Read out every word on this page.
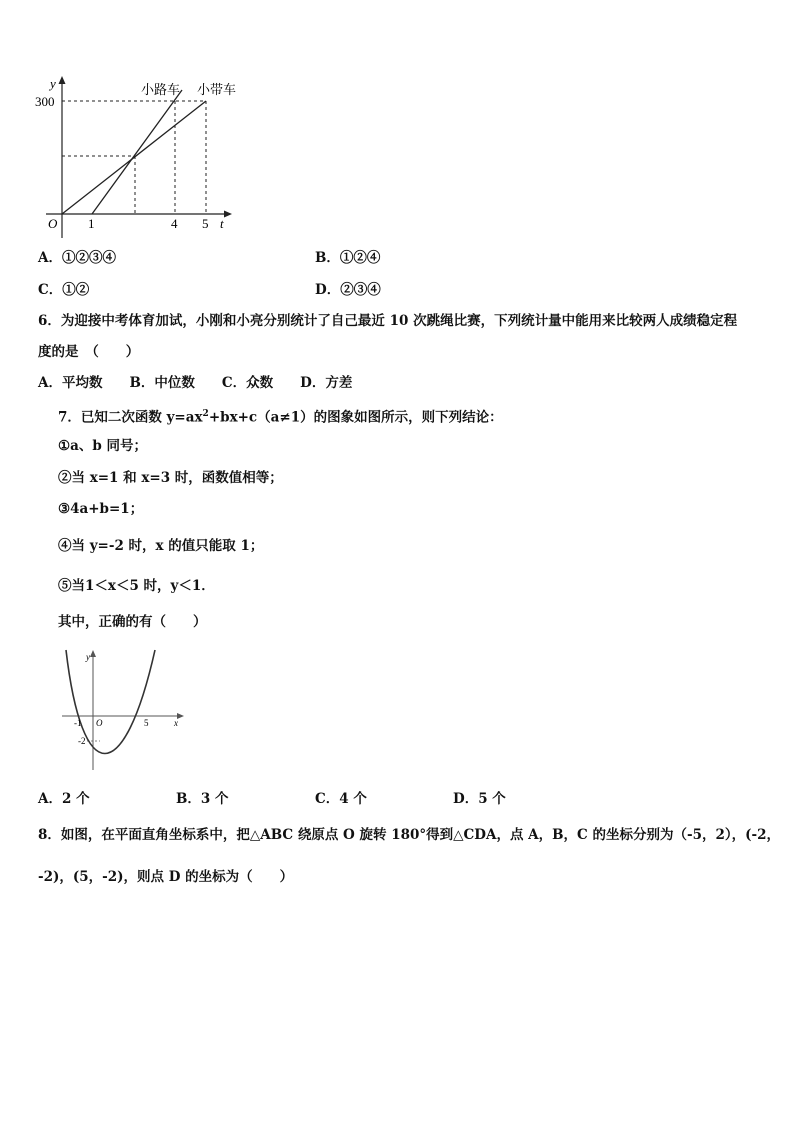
y
300
O 1	4 5 t
小路车 小带车
A．①②③④	B．①②④
C．①②	D．②③④
6．为迎接中考体育加试，小刚和小亮分别统计了自己最近 10 次跳绳比赛，下列统计量中能用来比较两人成绩稳定程
度的是　（　　）
A．平均数　　B．中位数　　C．众数　　D．方差
7．已知二次函数 $y=ax^2+bx+c(a\ne 1)$的图象如图所示，则下列结论：
①a、b 同号；
②当 x=1 和 x=3 时，函数值相等；
③4a+b=1；
④当 y=-2 时，x 的值只能取 1；
⑤当1＜x＜5 时，y＜1．
其中，正确的有（　　）
y
x
O
-1	5
-2
A．2 个	B．3 个	C．4 个	D．5 个
8．如图，在平面直角坐标系中，把△ABC 绕原点 O 旋转 180°得到△CDA，点 A，B，C 的坐标分别为（-5，2），(-2，
-2)，(5，-2)，则点 D 的坐标为（　　）
